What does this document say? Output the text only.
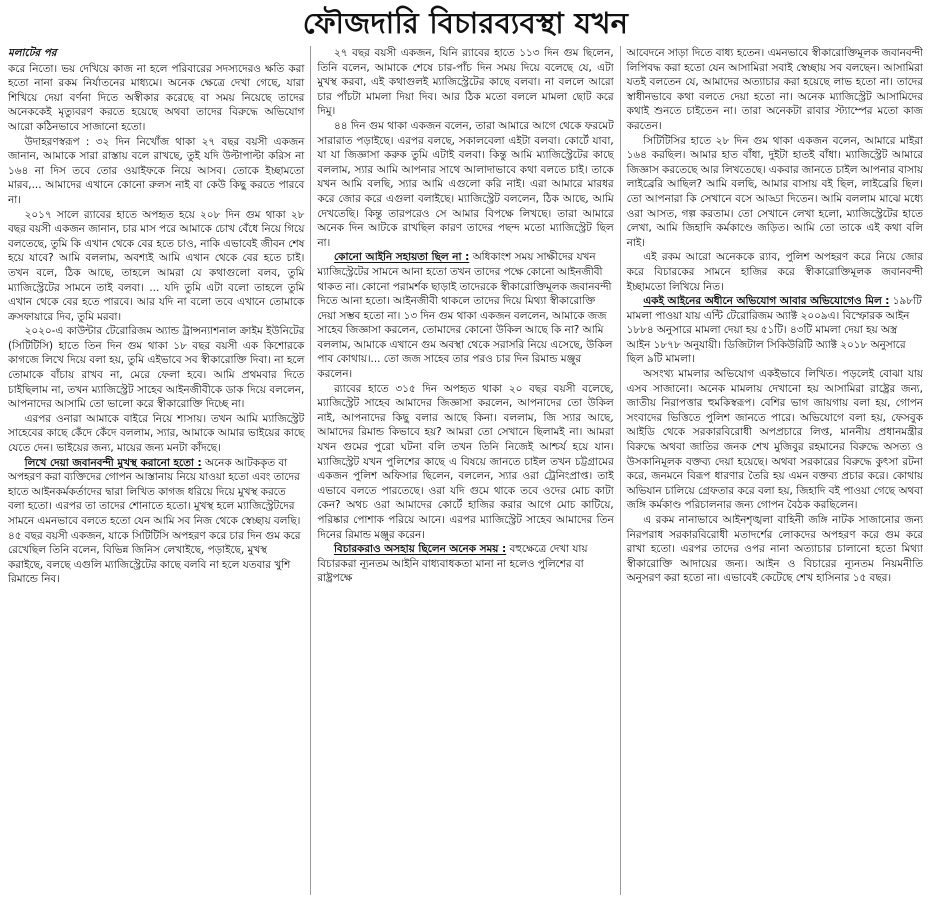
ফৌজদারি বিচারব্যবস্থা যখন
মলাটের পর

করে নিতো। ভয় দেখিয়ে কাজ না হলে পরিবারের সদস্যদেরও ক্ষতি করা হতো নানা রকম নির্যাতনের মাধ্যমে। অনেক ক্ষেত্রে দেখা গেছে, যারা শিখিয়ে দেয়া বর্ণনা দিতে অস্বীকার করেছে বা সময় নিয়েছে তাদের অনেককেই মৃত্যুবরণ করতে হয়েছে অথবা তাদের বিরুদ্ধে অভিযোগ আরো কঠিনভাবে সাজানো হতো।

উদাহরণস্বরূপ : ৩২ দিন নিখোঁজ থাকা ২৭ বছর বয়সী একজন জানান, আমাকে সারা রাস্তায় বলে রাখছে, তুই যদি উল্টাপাল্টা করিস না ১৬৪ না দিস তবে তোর ওয়াইফকে নিয়ে আসব। তোকে ইচ্ছামতো মারব,... আমাদের এখানে কোনো রুলস নাই বা কেউ কিছু করতে পারবে না।

২০১৭ সালে র‌্যাবের হাতে অপহৃত হয়ে ২০৮ দিন গুম থাকা ২৮ বছর বয়সী একজন জানান, চার মাস পরে আমাকে চোখ বেঁধে নিয়ে গিয়ে বলতেছে, তুমি কি এখান থেকে বের হতে চাও, নাকি এভাবেই জীবন শেষ হয়ে যাবে? আমি বললাম, অবশ্যই আমি এখান থেকে বের হতে চাই। তখন বলে, ঠিক আছে, তাহলে আমরা যে কথাগুলো বলব, তুমি ম্যাজিস্ট্রেটের সামনে তাই বলবা। ... যদি তুমি এটা বলো তাহলে তুমি এখান থেকে বের হতে পারবে। আর যদি না বলো তবে এখানে তোমাকে ক্রসফায়ারে দিব, তুমি মরবা।

২০২০-এ কাউন্টার টেরোরিজম অ্যান্ড ট্রান্সন্যাশনাল ক্রাইম ইউনিটের (সিটিটিসি) হাতে তিন দিন গুম থাকা ১৮ বছর বয়সী এক কিশোরকে কাগজে লিখে দিয়ে বলা হয়, তুমি এইভাবে সব স্বীকারোক্তি দিবা। না হলে তোমাকে বাঁচায় রাখব না, মেরে ফেলা হবে। আমি প্রথমবার দিতে চাইছিলাম না, তখন ম্যাজিস্ট্রেট সাহেব আইনজীবীকে ডাক দিয়ে বললেন, আপনাদের আসামি তো ভালো করে স্বীকারোক্তি দিচ্ছে না।

এরপর ওনারা আমাকে বাইরে নিয়ে শাসায়। তখন আমি ম্যাজিস্ট্রেট সাহেবের কাছে কেঁদে কেঁদে বললাম, স্যার, আমাকে আমার ভাইয়ের কাছে যেতে দেন। ভাইয়ের জন্য, মায়ের জন্য মনটা কাঁদছে।

লিখে দেয়া জবানবন্দী মুখস্থ করানো হতো : অনেক আটককৃত বা অপহরণ করা ব্যক্তিদের গোপন আস্তানায় নিয়ে যাওয়া হতো এবং তাদের হাতে আইনকর্মকর্তাদের দ্বারা লিখিত কাগজ ধরিয়ে দিয়ে মুখস্থ করতে বলা হতো। এরপর তা তাদের শোনাতে হতো। মুখস্থ হলে ম্যাজিস্ট্রেটদের সামনে এমনভাবে বলতে হতো যেন আমি সব নিজ থেকে স্বেচ্ছায় বলছি। ৪৫ বছর বয়সী একজন, যাকে সিটিটিসি অপহরণ করে চার দিন গুম করে রেখেছিল তিনি বলেন, বিভিন্ন জিনিস লেখাইছে, পড়াইছে, মুখস্থ করাইছে, বলছে এগুলি ম্যাজিস্ট্রেটের কাছে বলবি না হলে যতবার খুশি রিমান্ডে নিব।

২৭ বছর বয়সী একজন, যিনি র‌্যাবের হাতে ১১৩ দিন গুম ছিলেন, তিনি বলেন, আমাকে শেষে চার-পাঁচ দিন সময় দিয়ে বলেছে যে, এটা মুখস্থ করবা, এই কথাগুলই ম্যাজিস্ট্রেটের কাছে বলবা। না বললে আরো চার পাঁচটা মামলা দিয়া দিব। আর ঠিক মতো বললে মামলা ছোট করে দিমু।

৪৪ দিন গুম থাকা একজন বলেন, তারা আমারে আগে থেকে ফরমেট সারারাত পড়াইছে। এরপর বলছে, সকালবেলা এইটা বলবা। কোর্টে যাবা, যা যা জিজ্ঞাসা করুক তুমি এটাই বলবা। কিন্তু আমি ম্যাজিস্ট্রেটের কাছে বললাম, স্যার আমি আপনার সাথে আলাদাভাবে কথা বলতে চাই। তাকে যখন আমি বলছি, স্যার আমি এগুলো করি নাই। এরা আমারে মারধর করে জোর করে এগুলা বলাইছে। ম্যাজিস্ট্রেট বললেন, ঠিক আছে, আমি দেখতেছি। কিন্তু তারপরেও সে আমার বিপক্ষে লিখছে। তারা আমারে অনেক দিন আটকে রাখছিল কারণ তাদের পছন্দ মতো ম্যাজিস্ট্রেট ছিল না।

কোনো আইনি সহায়তা ছিল না : অধিকাংশ সময় সাক্ষীদের যখন ম্যাজিস্ট্রেটের সামনে আনা হতো তখন তাদের পক্ষে কোনো আইনজীবী থাকত না। কোনো পরামর্শক ছাড়াই তাদেরকে স্বীকারোক্তিমূলক জবানবন্দী দিতে আনা হতো। আইনজীবী থাকলে তাদের দিয়ে মিথ্যা স্বীকারোক্তি দেয়া সম্ভব হতো না। ১৩ দিন গুম থাকা একজন বললেন, আমাকে জজ সাহেব জিজ্ঞাসা করলেন, তোমাদের কোনো উকিল আছে কি না? আমি বললাম, আমাকে এখানে গুম অবস্থা থেকে সরাসরি নিয়ে এসেছে, উকিল পাব কোথায়।... তো জজ সাহেব তার পরও চার দিন রিমান্ড মঞ্জুর করলেন।

র‌্যাবের হাতে ৩১৫ দিন অপহৃত থাকা ২০ বছর বয়সী বলেছে, ম্যাজিস্ট্রেট সাহেব আমাদের জিজ্ঞাসা করলেন, আপনাদের তো উকিল নাই, আপনাদের কিছু বলার আছে কিনা। বললাম, জি স্যার আছে, আমাদের রিমান্ড কিভাবে হয়? আমরা তো সেখানে ছিলামই না। আমরা যখন গুমের পুরো ঘটনা বলি তখন তিনি নিজেই আশ্চর্য হয়ে যান। ম্যাজিস্ট্রেট যখন পুলিশের কাছে এ বিষয়ে জানতে চাইল তখন চট্টগ্রামের একজন পুলিশ অফিসার ছিলেন, বললেন, স্যার ওরা ট্রেনিংপ্রাপ্ত। তাই এভাবে বলতে পারতেছে। ওরা যদি গুমে থাকে তবে ওদের মোচ কাটা কেন? অথচ ওরা আমাদের কোর্টে হাজির করার আগে মোচ কাটিয়ে, পরিষ্কার পোশাক পরিয়ে আনে। এরপর ম্যাজিস্ট্রেট সাহেব আমাদের তিন দিনের রিমান্ড মঞ্জুর করেন।

বিচারকরাও অসহায় ছিলেন অনেক সময় : বহুক্ষেত্রে দেখা যায় বিচারকরা ন্যূনতম আইনি বাধ্যবাধকতা মানা না হলেও পুলিশের বা রাষ্ট্রপক্ষে

আবেদনে সাড়া দিতে বাধ্য হতেন। এমনভাবে স্বীকারোক্তিমূলক জবানবন্দী লিপিবদ্ধ করা হতো যেন আসামিরা সবাই স্বেচ্ছায় সব বলছেন। আসামিরা যতই বলতেন যে, আমাদের অত্যাচার করা হয়েছে লাভ হতো না। তাদের স্বাধীনভাবে কথা বলতে দেয়া হতো না। অনেক ম্যাজিস্ট্রেট আসামিদের কথাই শুনতে চাইতেন না। তারা অনেকটা রাবার স্ট্যাম্পের মতো কাজ করতেন।

সিটিটিসির হাতে ২৮ দিন গুম থাকা একজন বলেন, আমারে মাইরা ১৬৪ করছিল। আমার হাত বাঁধা, দুইটা হাতই বাঁধা। ম্যাজিস্ট্রেট আমারে জিজ্ঞাস করতেছে আর লিখতেছে। একবার জানতে চাইল আপনার বাসায় লাইব্রেরি আছিল? আমি বলছি, আমার বাসায় বই ছিল, লাইব্রেরি ছিল। তো আপনারা কি সেখানে বসে আড্ডা দিতেন। আমি বললাম মাঝে মধ্যে ওরা আসত, গল্প করতাম। তো সেখানে লেখা হলো, ম্যাজিস্ট্রেটের হাতে লেখা, আমি জিহাদি কর্মকাণ্ডে জড়িত। আমি তো তাকে এই কথা বলি নাই।

এই রকম আরো অনেককে র‌্যাব, পুলিশ অপহরণ করে নিয়ে জোর করে বিচারকের সামনে হাজির করে স্বীকারোক্তিমূলক জবানবন্দী ইচ্ছামতো লিখিয়ে নিত।

একই আইনের অধীনে অভিযোগ আবার অভিযোগেও মিল : ১৯৮টি মামলা পাওয়া যায় এন্টি টেরোরিজম অ্যাক্ট ২০০৯এ। বিস্ফোরক আইন ১৮৮৪ অনুসারে মামলা দেয়া হয় ৫১টি। ৪৩টি মামলা দেয়া হয় অস্ত্র আইন ১৮৭৮ অনুযায়ী। ডিজিটাল সিকিউরিটি অ্যাক্ট ২০১৮ অনুসারে ছিল ৯টি মামলা।

অসংখ্য মামলার অভিযোগ একইভাবে লিখিত। পড়লেই বোঝা যায় এসব সাজানো। অনেক মামলায় দেখানো হয় আসামিরা রাষ্ট্রের জন্য, জাতীয় নিরাপত্তার হুমকিস্বরূপ। বেশির ভাগ জায়গায় বলা হয়, গোপন সংবাদের ভিত্তিতে পুলিশ জানতে পারে। অভিযোগে বলা হয়, ফেসবুক আইডি থেকে সরকারবিরোধী অপপ্রচারে লিপ্ত, মাননীয় প্রধানমন্ত্রীর বিরুদ্ধে অথবা জাতির জনক শেখ মুজিবুর রহমানের বিরুদ্ধে অসত্য ও উসকানিমূলক বক্তব্য দেয়া হয়েছে। অথবা সরকারের বিরুদ্ধে কুৎসা রটনা করে, জনমনে বিরূপ ধারণার তৈরি হয় এমন বক্তব্য প্রচার করে। কোথায় অভিযান চালিয়ে গ্রেফতার করে বলা হয়, জিহাদি বই পাওয়া গেছে অথবা জঙ্গি কর্মকাণ্ড পরিচালনার জন্য গোপন বৈঠক করছিলেন।

এ রকম নানাভাবে আইনশৃঙ্খলা বাহিনী জঙ্গি নাটক সাজানোর জন্য নিরপরাধ সরকারবিরোধী মতাদর্শের লোকদের অপহরণ করে গুম করে রাখা হতো। এরপর তাদের ওপর নানা অত্যাচার চালানো হতো মিথ্যা স্বীকারোক্তি আদায়ের জন্য। আইন ও বিচারের ন্যূনতম নিয়মনীতি অনুসরণ করা হতো না। এভাবেই কেটেছে শেখ হাসিনার ১৫ বছর।
